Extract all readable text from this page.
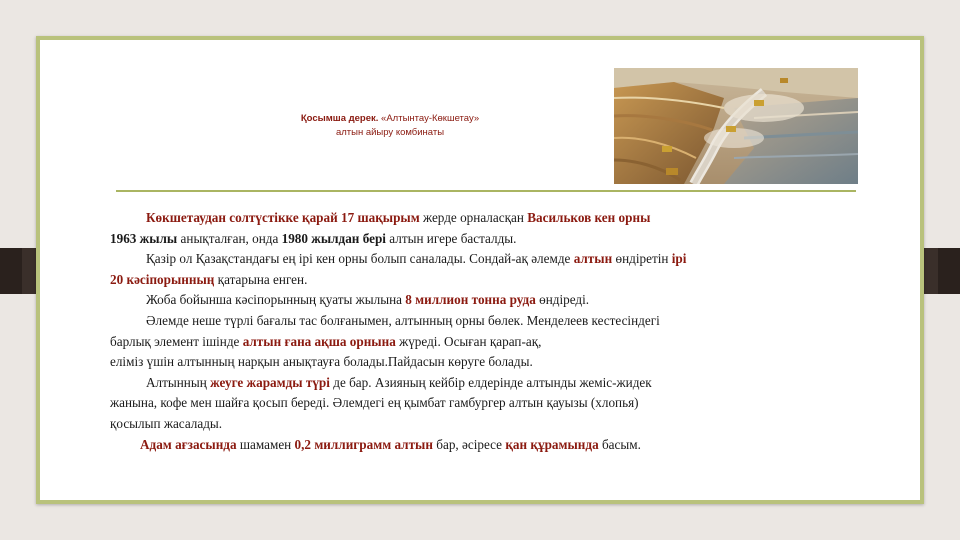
Қосымша дерек. «Алтынтау-Көкшетау»
алтын айыру комбинаты

Көкшетаудан солтүстікке қарай 17 шақырым жерде орналасқан Васильков кен орны

1963 жылы анықталған, онда 1980 жылдан бері алтын игере басталды.

Қазір ол Қазақстандағы ең ірі кен орны болып саналады. Сондай-ақ әлемде алтын өндіретін ірі

20 кәсіпорынның қатарына енген.

Жоба бойынша кәсіпорынның қуаты жылына 8 миллион тонна руда өндіреді.

Әлемде неше түрлі бағалы тас болғанымен, алтынның орны бөлек. Менделеев кестесіндегі

барлық элемент ішінде алтын ғана ақша орнына жүреді. Осыған қарап-ақ,

еліміз үшін алтынның нарқын анықтауға болады.Пайдасын көруге болады.

Алтынның жеуге жарамды түрі де бар. Азияның кейбір елдерінде алтынды жеміс-жидек

жанына, кофе мен шайға қосып береді. Әлемдегі ең қымбат гамбургер алтын қауызы (хлопья)

қосылып жасалады.

Адам ағзасында шамамен 0,2 миллиграмм алтын бар, әсіресе қан құрамында басым.
